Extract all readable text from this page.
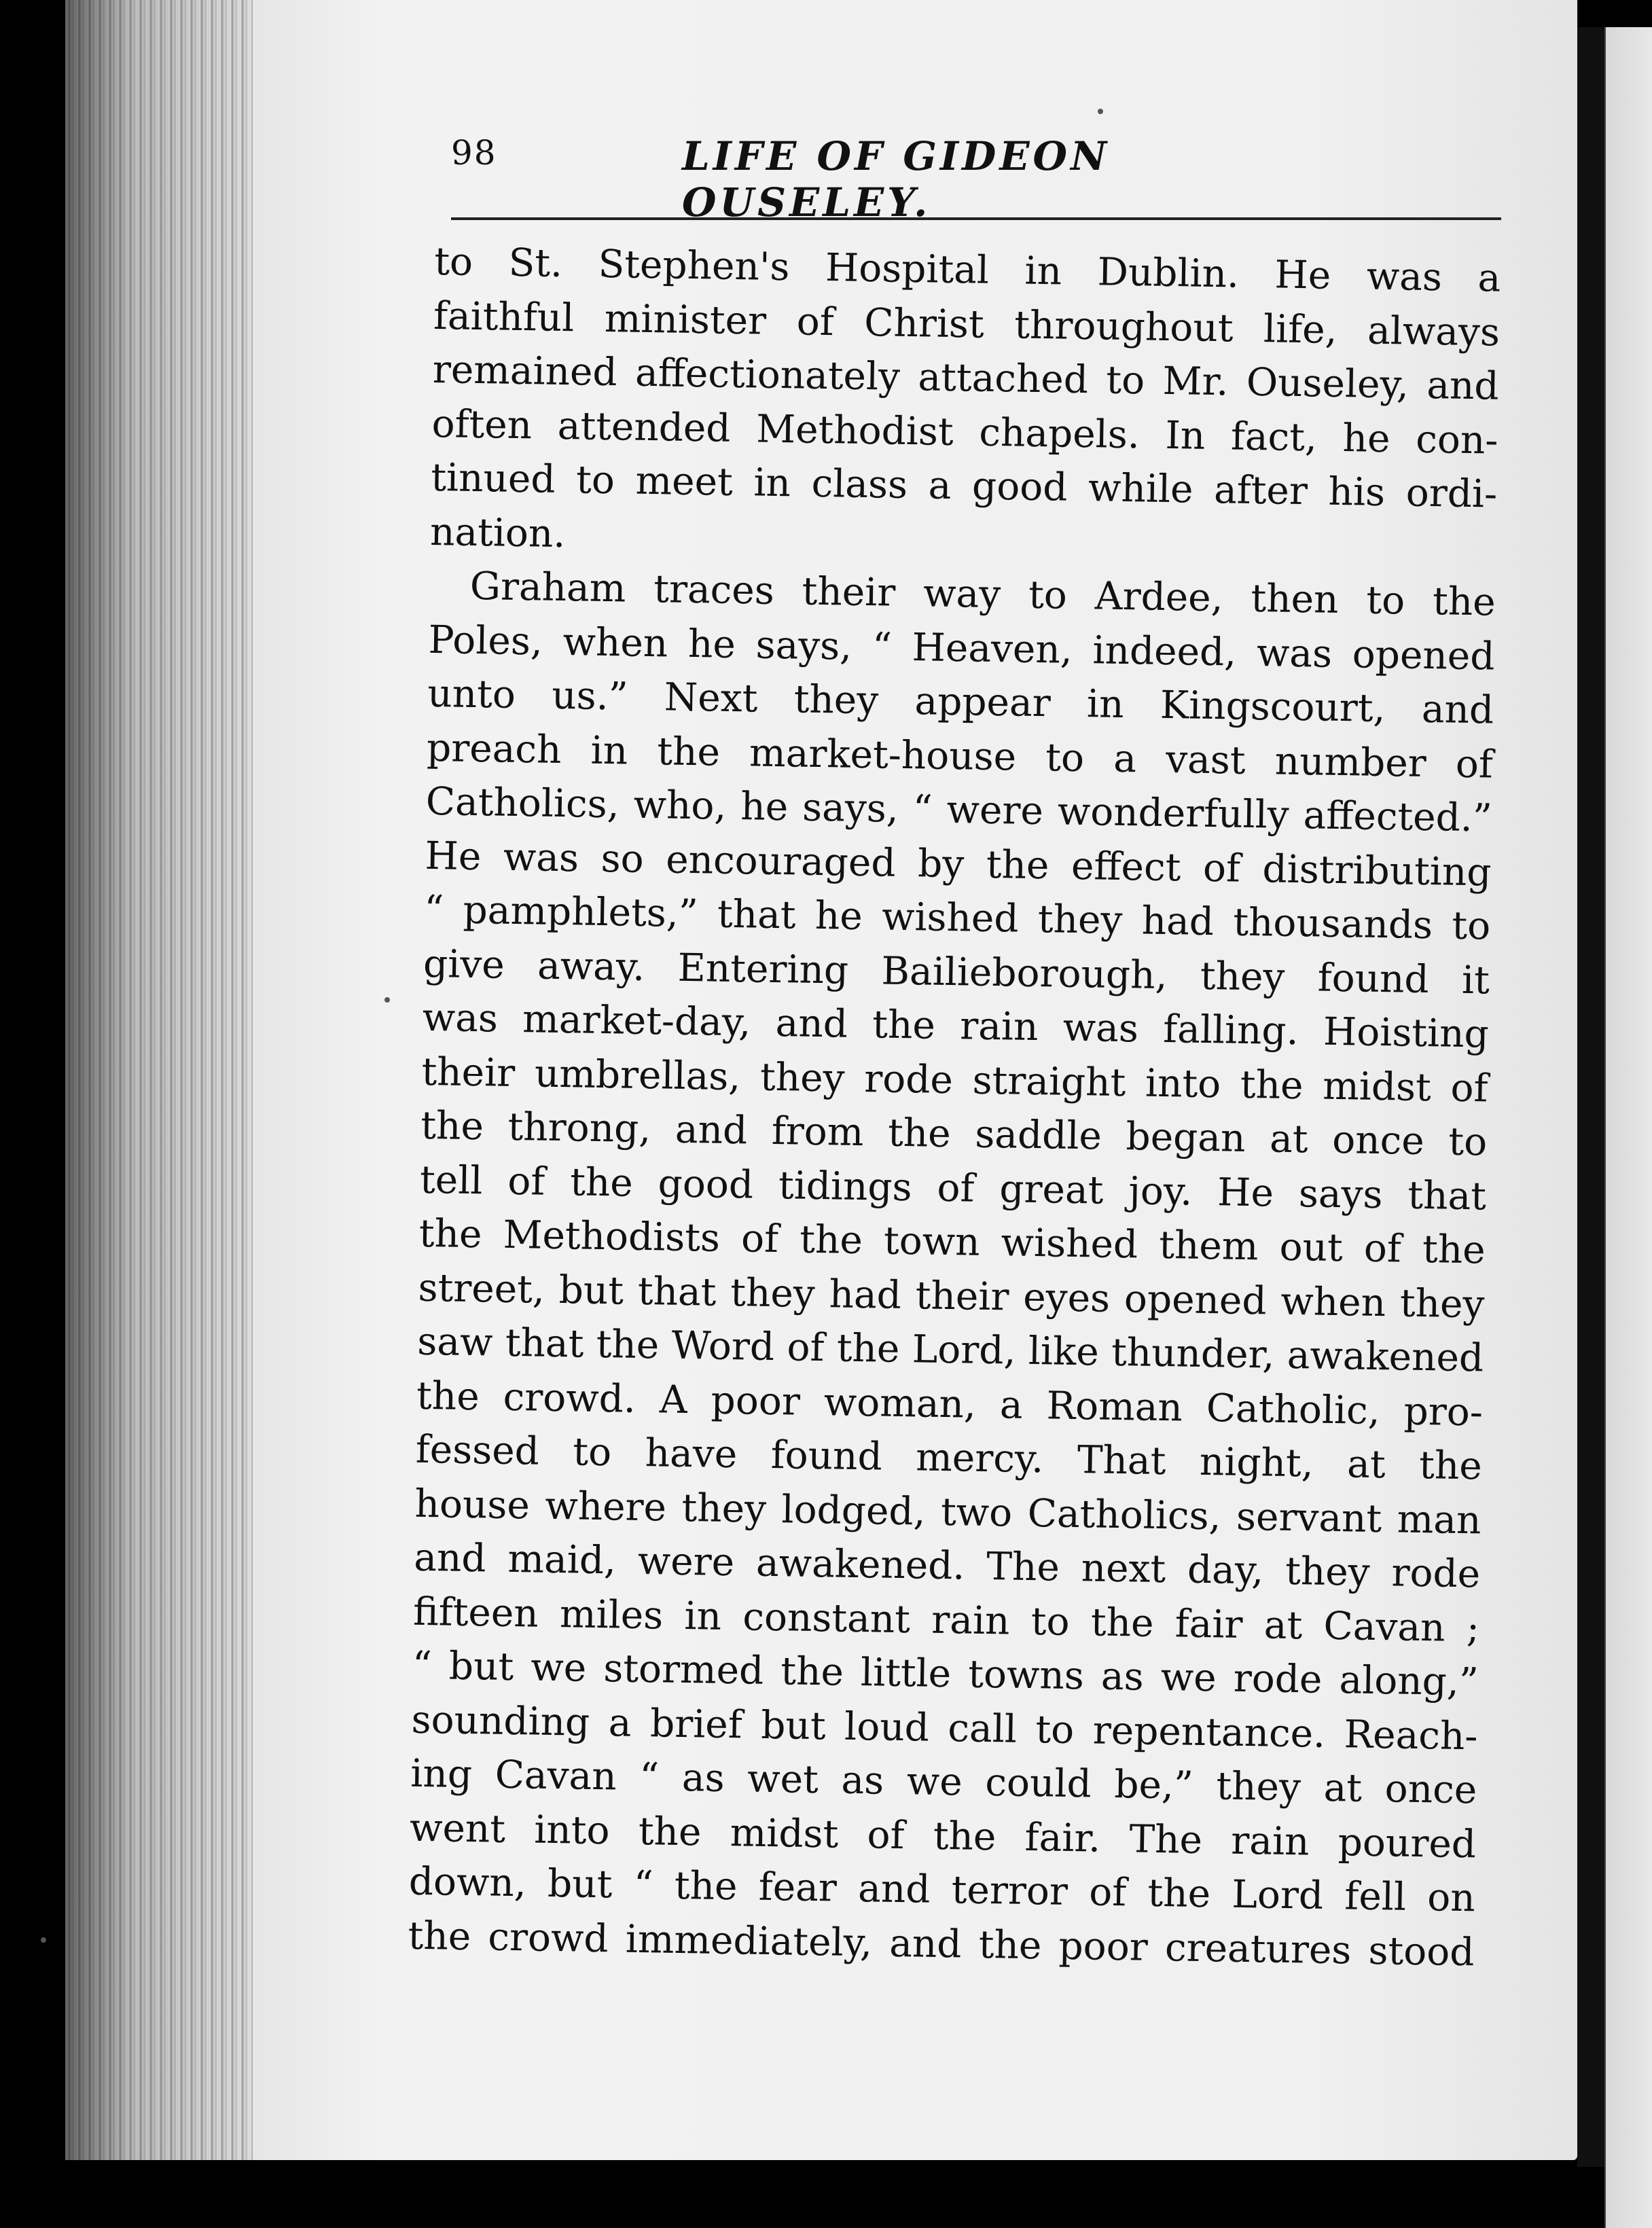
98	LIFE OF GIDEON OUSELEY.
to St. Stephen's Hospital in Dublin. He was a
faithful minister of Christ throughout life, always
remained affectionately attached to Mr. Ouseley, and
often attended Methodist chapels. In fact, he con-
tinued to meet in class a good while after his ordi-
nation.
Graham traces their way to Ardee, then to the
Poles, when he says, “ Heaven, indeed, was opened
unto us.” Next they appear in Kingscourt, and
preach in the market-house to a vast number of
Catholics, who, he says, “ were wonderfully affected.”
He was so encouraged by the effect of distributing
“ pamphlets,” that he wished they had thousands to
give away. Entering Bailieborough, they found it
was market-day, and the rain was falling. Hoisting
their umbrellas, they rode straight into the midst of
the throng, and from the saddle began at once to
tell of the good tidings of great joy. He says that
the Methodists of the town wished them out of the
street, but that they had their eyes opened when they
saw that the Word of the Lord, like thunder, awakened
the crowd. A poor woman, a Roman Catholic, pro-
fessed to have found mercy. That night, at the
house where they lodged, two Catholics, servant man
and maid, were awakened. The next day, they rode
fifteen miles in constant rain to the fair at Cavan ;
“ but we stormed the little towns as we rode along,”
sounding a brief but loud call to repentance. Reach-
ing Cavan “ as wet as we could be,” they at once
went into the midst of the fair. The rain poured
down, but “ the fear and terror of the Lord fell on
the crowd immediately, and the poor creatures stood
